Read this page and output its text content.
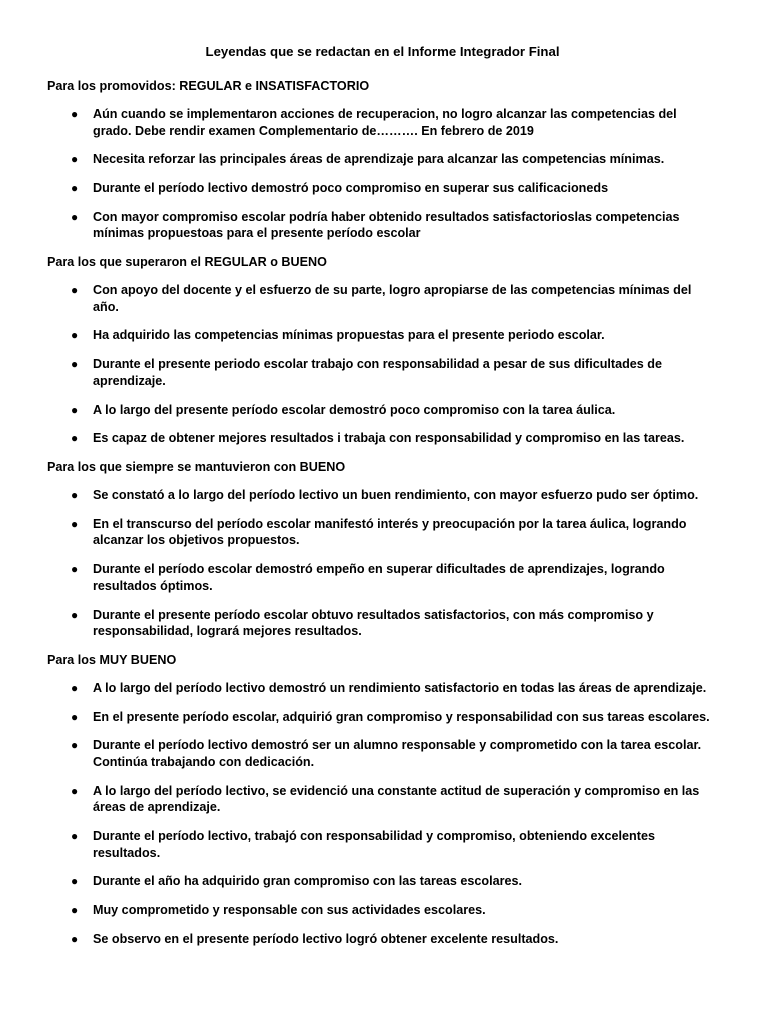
Leyendas que se redactan en el Informe Integrador Final
Para los promovidos: REGULAR e INSATISFACTORIO
● Aún cuando se implementaron acciones de recuperacion, no logro alcanzar las competencias del grado. Debe rendir examen Complementario de………. En febrero de 2019
● Necesita reforzar las principales áreas de aprendizaje para alcanzar las competencias mínimas.
● Durante el período lectivo demostró poco compromiso en superar sus calificacioneds
● Con mayor compromiso escolar podría haber obtenido resultados satisfactorioslas competencias mínimas propuestoas para el presente período escolar
Para los que superaron el REGULAR o BUENO
● Con apoyo del docente y el esfuerzo de su parte, logro apropiarse de las competencias mínimas del año.
● Ha adquirido las competencias mínimas propuestas para el presente periodo escolar.
● Durante el presente periodo escolar trabajo con responsabilidad a pesar de sus dificultades de aprendizaje.
● A lo largo del presente período escolar demostró poco compromiso con la tarea áulica.
● Es capaz de obtener mejores resultados i trabaja con responsabilidad y compromiso en las tareas.
Para los que siempre se mantuvieron con BUENO
● Se constató a lo largo del período lectivo un buen rendimiento, con mayor esfuerzo pudo ser óptimo.
● En el transcurso del período escolar manifestó interés y preocupación por la tarea áulica, logrando alcanzar los objetivos propuestos.
● Durante el período escolar demostró empeño en superar dificultades de aprendizajes, logrando resultados óptimos.
● Durante el presente período escolar obtuvo resultados satisfactorios, con más compromiso y responsabilidad, logrará mejores resultados.
Para los MUY BUENO
● A lo largo del período lectivo demostró un rendimiento satisfactorio en todas las áreas de aprendizaje.
● En el presente período escolar, adquirió gran compromiso y responsabilidad con sus tareas escolares.
● Durante el período lectivo demostró ser un alumno responsable y comprometido con la tarea escolar. Continúa trabajando con dedicación.
● A lo largo del período lectivo, se evidenció una constante actitud de superación y compromiso en las áreas de aprendizaje.
● Durante el período lectivo, trabajó con responsabilidad y compromiso, obteniendo excelentes resultados.
● Durante el año ha adquirido gran compromiso con las tareas escolares.
● Muy comprometido y responsable con sus actividades escolares.
● Se observo en el presente período lectivo logró obtener excelente resultados.
